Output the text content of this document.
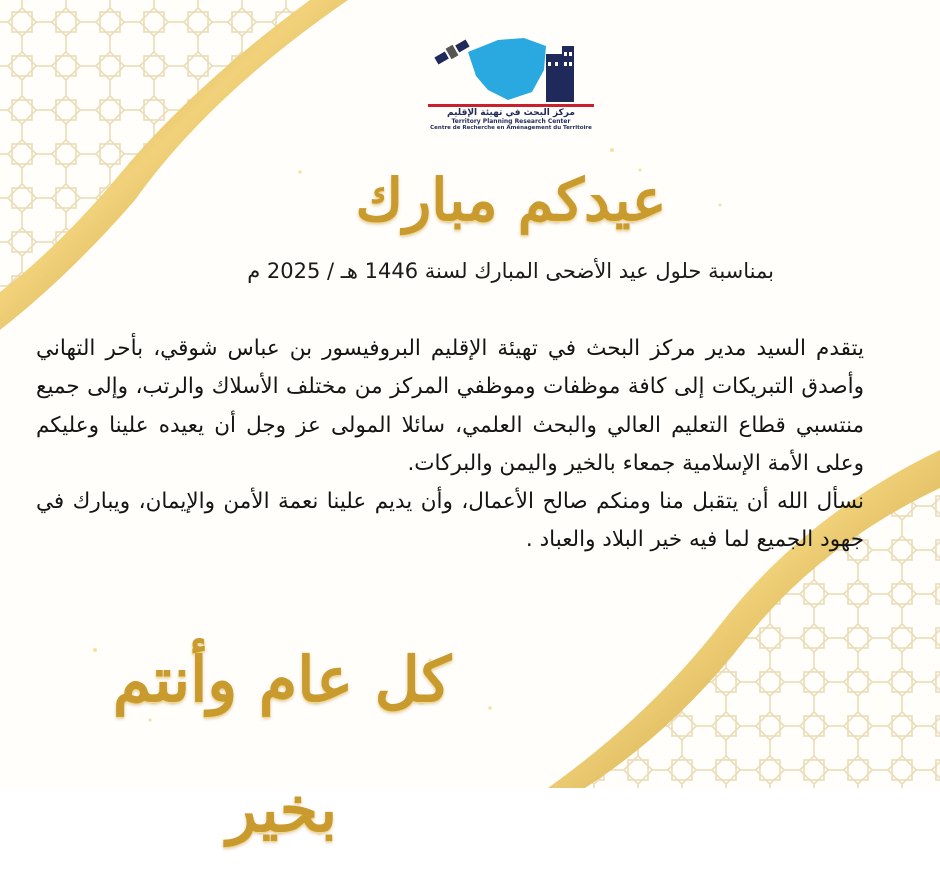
مركز البحث في تهيئة الإقليم
Territory Planning Research Center
Centre de Recherche en Aménagement du Territoire
عيدكم مبارك
بمناسبة حلول عيد الأضحى المبارك لسنة 1446 هـ / 2025 م

يتقدم السيد مدير مركز البحث في تهيئة الإقليم البروفيسور بن عباس شوقي، بأحر التهاني وأصدق التبريكات إلى كافة موظفات وموظفي المركز من مختلف الأسلاك والرتب، وإلى جميع منتسبي قطاع التعليم العالي والبحث العلمي، سائلا المولى عز وجل أن يعيده علينا وعليكم وعلى الأمة الإسلامية جمعاء بالخير واليمن والبركات.

نسأل الله أن يتقبل منا ومنكم صالح الأعمال، وأن يديم علينا نعمة الأمن والإيمان، ويبارك في جهود الجميع لما فيه خير البلاد والعباد .

كل عام وأنتم بخير
